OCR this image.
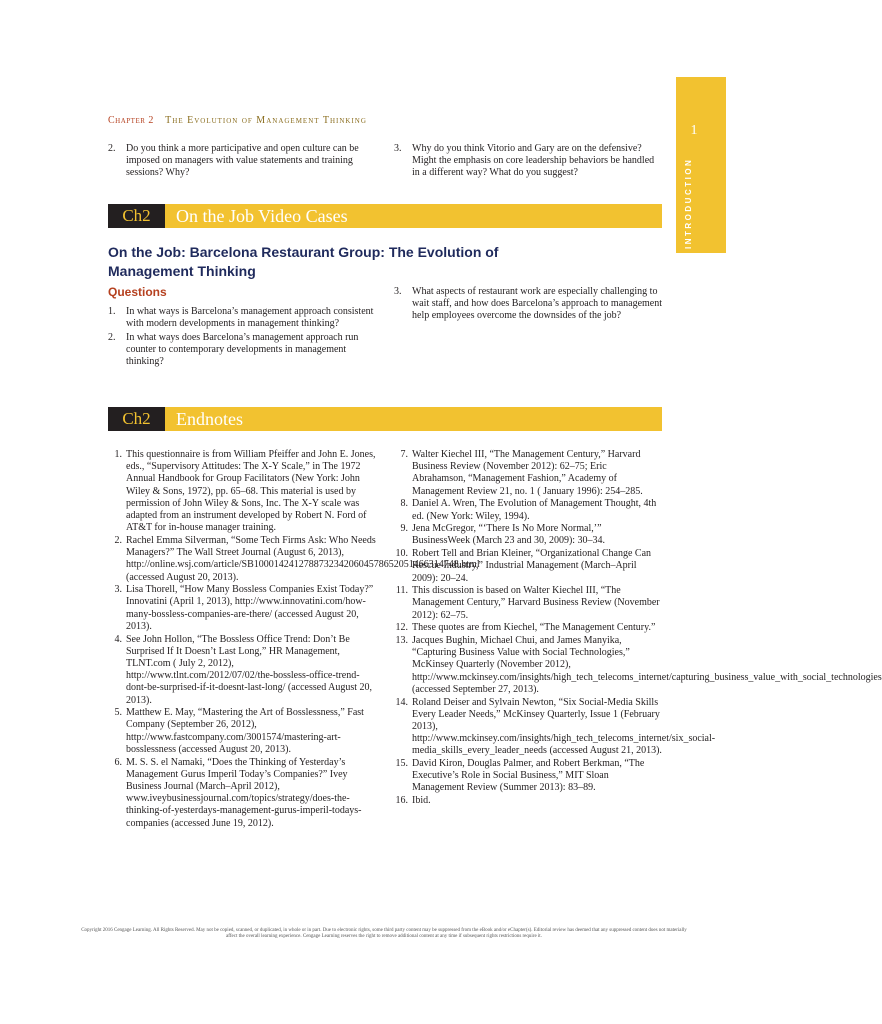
Chapter 2 The Evolution of Management Thinking
1
INTRODUCTION
2. Do you think a more participative and open culture can be imposed on managers with value statements and training sessions? Why?
3. Why do you think Vitorio and Gary are on the defensive? Might the emphasis on core leadership behaviors be handled in a different way? What do you suggest?
Ch2	On the Job Video Cases
On the Job: Barcelona Restaurant Group: The Evolution of Management Thinking
Questions
1. In what ways is Barcelona’s management approach consistent with modern developments in management thinking?
2. In what ways does Barcelona’s management approach run counter to contemporary developments in management thinking?
3. What aspects of restaurant work are especially challenging to wait staff, and how does Barcelona’s approach to management help employees overcome the downsides of the job?
Ch2	Endnotes
1. This questionnaire is from William Pfeiffer and John E. Jones, eds., “Supervisory Attitudes: The X-Y Scale,” in The 1972 Annual Handbook for Group Facilitators (New York: John Wiley & Sons, 1972), pp. 65–68. This material is used by permission of John Wiley & Sons, Inc. The X-Y scale was adapted from an instrument developed by Robert N. Ford of AT&T for in-house manager training.
2. Rachel Emma Silverman, “Some Tech Firms Ask: Who Needs Managers?” The Wall Street Journal (August 6, 2013), http://online.wsj.com/article/SB10001424127887323420604578652051466314748.html (accessed August 20, 2013).
3. Lisa Thorell, “How Many Bossless Companies Exist Today?” Innovatini (April 1, 2013), http://www.innovatini.com/how-many-bossless-companies-are-there/ (accessed August 20, 2013).
4. See John Hollon, “The Bossless Office Trend: Don’t Be Surprised If It Doesn’t Last Long,” HR Management, TLNT.com ( July 2, 2012), http://www.tlnt.com/2012/07/02/the-bossless-office-trend-dont-be-surprised-if-it-doesnt-last-long/ (accessed August 20, 2013).
5. Matthew E. May, “Mastering the Art of Bosslessness,” Fast Company (September 26, 2012), http://www.fastcompany.com/3001574/mastering-art-bosslessness (accessed August 20, 2013).
6. M. S. S. el Namaki, “Does the Thinking of Yesterday’s Management Gurus Imperil Today’s Companies?” Ivey Business Journal (March–April 2012), www.iveybusinessjournal.com/topics/strategy/does-the-thinking-of-yesterdays-management-gurus-imperil-todays-companies (accessed June 19, 2012).
7. Walter Kiechel III, “The Management Century,” Harvard Business Review (November 2012): 62–75; Eric Abrahamson, “Management Fashion,” Academy of Management Review 21, no. 1 ( January 1996): 254–285.
8. Daniel A. Wren, The Evolution of Management Thought, 4th ed. (New York: Wiley, 1994).
9. Jena McGregor, “‘There Is No More Normal,’” BusinessWeek (March 23 and 30, 2009): 30–34.
10. Robert Tell and Brian Kleiner, “Organizational Change Can Rescue Industry,” Industrial Management (March–April 2009): 20–24.
11. This discussion is based on Walter Kiechel III, “The Management Century,” Harvard Business Review (November 2012): 62–75.
12. These quotes are from Kiechel, “The Management Century.”
13. Jacques Bughin, Michael Chui, and James Manyika, “Capturing Business Value with Social Technologies,” McKinsey Quarterly (November 2012), http://www.mckinsey.com/insights/high_tech_telecoms_internet/capturing_business_value_with_social_technologies (accessed September 27, 2013).
14. Roland Deiser and Sylvain Newton, “Six Social-Media Skills Every Leader Needs,” McKinsey Quarterly, Issue 1 (February 2013), http://www.mckinsey.com/insights/high_tech_telecoms_internet/six_social-media_skills_every_leader_needs (accessed August 21, 2013).
15. David Kiron, Douglas Palmer, and Robert Berkman, “The Executive’s Role in Social Business,” MIT Sloan Management Review (Summer 2013): 83–89.
16. Ibid.
Copyright 2016 Cengage Learning. All Rights Reserved. May not be copied, scanned, or duplicated, in whole or in part. Due to electronic rights, some third party content may be suppressed from the eBook and/or eChapter(s). Editorial review has deemed that any suppressed content does not materially affect the overall learning experience. Cengage Learning reserves the right to remove additional content at any time if subsequent rights restrictions require it.
